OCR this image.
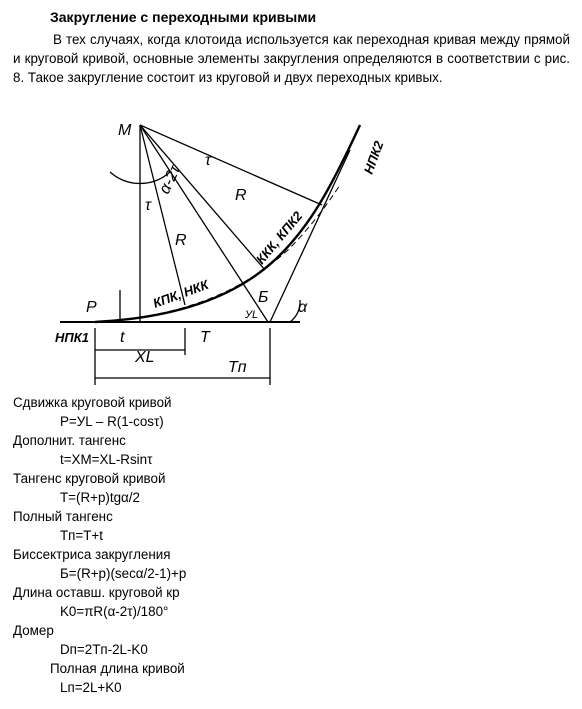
Закругление с переходными кривыми

В тех случаях, когда клотоида используется как переходная кривая между прямой и круговой кривой, основные элементы закругления определяются в соответствии с рис. 8. Такое закругление состоит из круговой и двух переходных кривых.

M
R
R
τ
τ
α-2τ
P
t	T
XL
Tп
Б
α
УL
НПК1
НПК2
КПК, НКК
ККК, КПК2
Сдвижка круговой кривой
P=УL – R(1-cosτ)
Дополнит. тангенс
t=XM=XL-Rsinτ
Тангенс круговой кривой
T=(R+p)tgα/2
Полный тангенс
Tп=T+t
Биссектриса закругления
Б=(R+p)(secα/2-1)+p
Длина оставш. круговой кр
K0=πR(α-2τ)/180°
Домер
Dп=2Tп-2L-K0
Полная длина кривой
Lп=2L+K0
